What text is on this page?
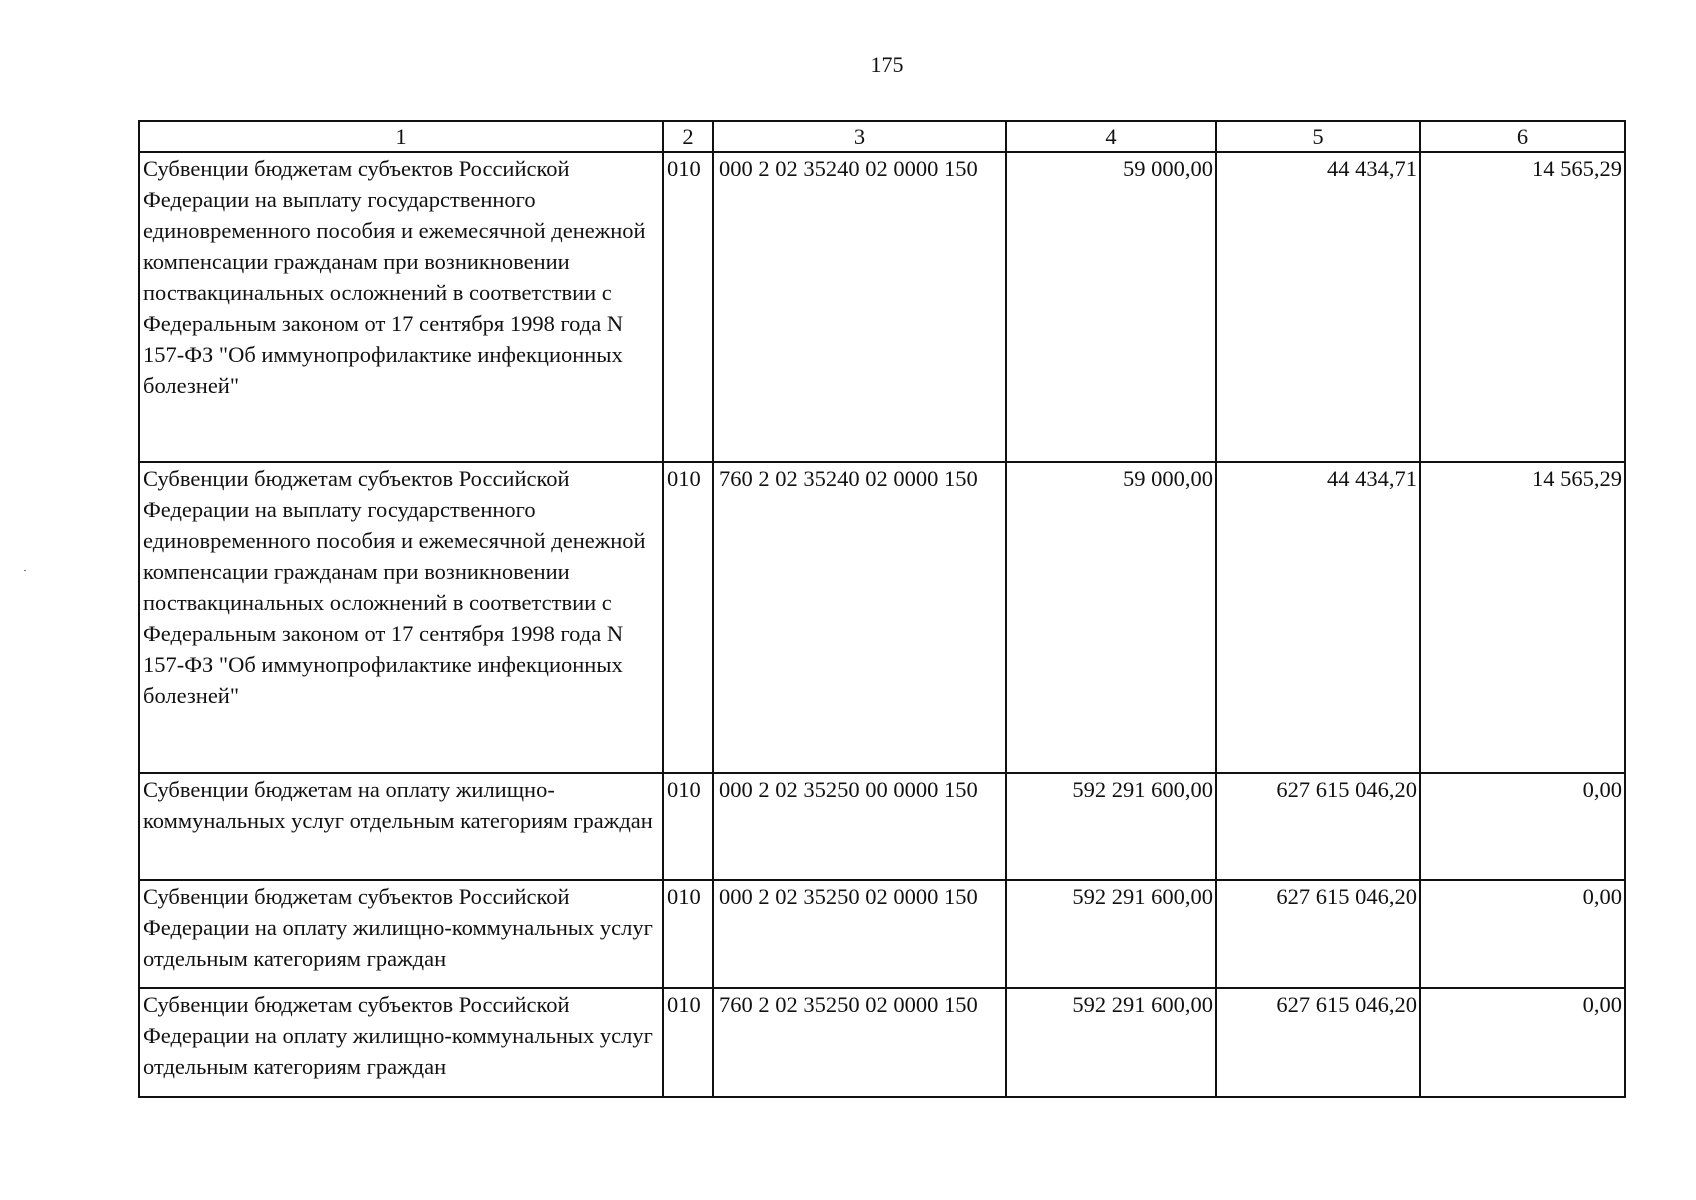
175
1	2	3	4	5	6
Субвенции бюджетам субъектов Российской Федерации на выплату государственного единовременного пособия и ежемесячной денежной компенсации гражданам при возникновении поствакцинальных осложнений в соответствии с Федеральным законом от 17 сентября 1998 года N 157-ФЗ "Об иммунопрофилактике инфекционных болезней"	010	000 2 02 35240 02 0000 150	59 000,00	44 434,71	14 565,29
Субвенции бюджетам субъектов Российской Федерации на выплату государственного единовременного пособия и ежемесячной денежной компенсации гражданам при возникновении поствакцинальных осложнений в соответствии с Федеральным законом от 17 сентября 1998 года N 157-ФЗ "Об иммунопрофилактике инфекционных болезней"	010	760 2 02 35240 02 0000 150	59 000,00	44 434,71	14 565,29
Субвенции бюджетам на оплату жилищно-коммунальных услуг отдельным категориям граждан	010	000 2 02 35250 00 0000 150	592 291 600,00	627 615 046,20	0,00
Субвенции бюджетам субъектов Российской Федерации на оплату жилищно-коммунальных услуг отдельным категориям граждан	010	000 2 02 35250 02 0000 150	592 291 600,00	627 615 046,20	0,00
Субвенции бюджетам субъектов Российской Федерации на оплату жилищно-коммунальных услуг отдельным категориям граждан	010	760 2 02 35250 02 0000 150	592 291 600,00	627 615 046,20	0,00
